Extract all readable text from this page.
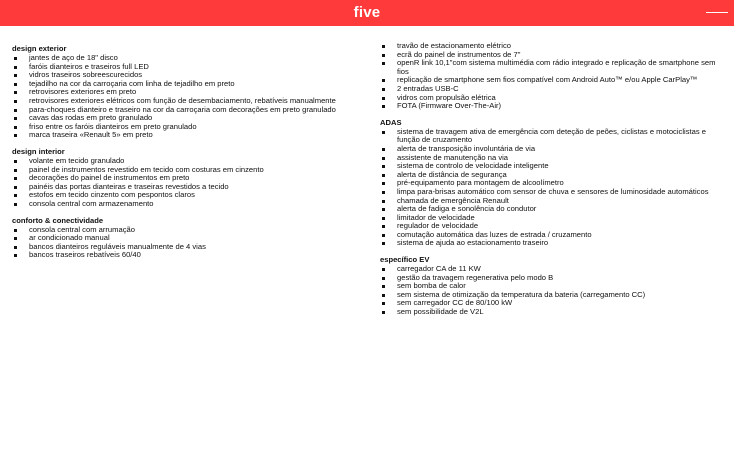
five
design exterior
jantes de aço de 18" disco
faróis dianteiros e traseiros full LED
vidros traseiros sobreescurecidos
tejadilho na cor da carroçaria com linha de tejadilho em preto
retrovisores exteriores em preto
retrovisores exteriores elétricos com função de desembaciamento, rebatíveis manualmente
para-choques dianteiro e traseiro na cor da carroçaria com decorações em preto granulado
cavas das rodas em preto granulado
friso entre os faróis dianteiros em preto granulado
marca traseira «Renault 5» em preto
design interior
volante em tecido granulado
painel de instrumentos revestido em tecido com costuras em cinzento
decorações do painel de instrumentos em preto
painéis das portas dianteiras e traseiras revestidos a tecido
estofos em tecido cinzento com pespontos claros
consola central com armazenamento
conforto & conectividade
consola central com arrumação
ar condicionado manual
bancos dianteiros reguláveis manualmente de 4 vias
bancos traseiros rebatíveis 60/40
travão de estacionamento elétrico
ecrã do painel de instrumentos de 7"
openR link 10,1"com sistema multimédia com rádio integrado e replicação de smartphone sem fios
replicação de smartphone sem fios compatível com Android Auto™ e/ou Apple CarPlay™
2 entradas USB-C
vidros com propulsão elétrica
FOTA (Firmware Over-The-Air)
ADAS
sistema de travagem ativa de emergência com deteção de peões, ciclistas e motociclistas e função de cruzamento
alerta de transposição involuntária de via
assistente de manutenção na via
sistema de controlo de velocidade inteligente
alerta de distância de segurança
pré-equipamento para montagem de alcoolímetro
limpa para-brisas automático com sensor de chuva e sensores de luminosidade automáticos
chamada de emergência Renault
alerta de fadiga e sonolência do condutor
limitador de velocidade
regulador de velocidade
comutação automática das luzes de estrada / cruzamento
sistema de ajuda ao estacionamento traseiro
específico EV
carregador CA de 11 KW
gestão da travagem regenerativa pelo modo B
sem bomba de calor
sem sistema de otimização da temperatura da bateria (carregamento CC)
sem carregador CC de 80/100 kW
sem possibilidade de V2L
